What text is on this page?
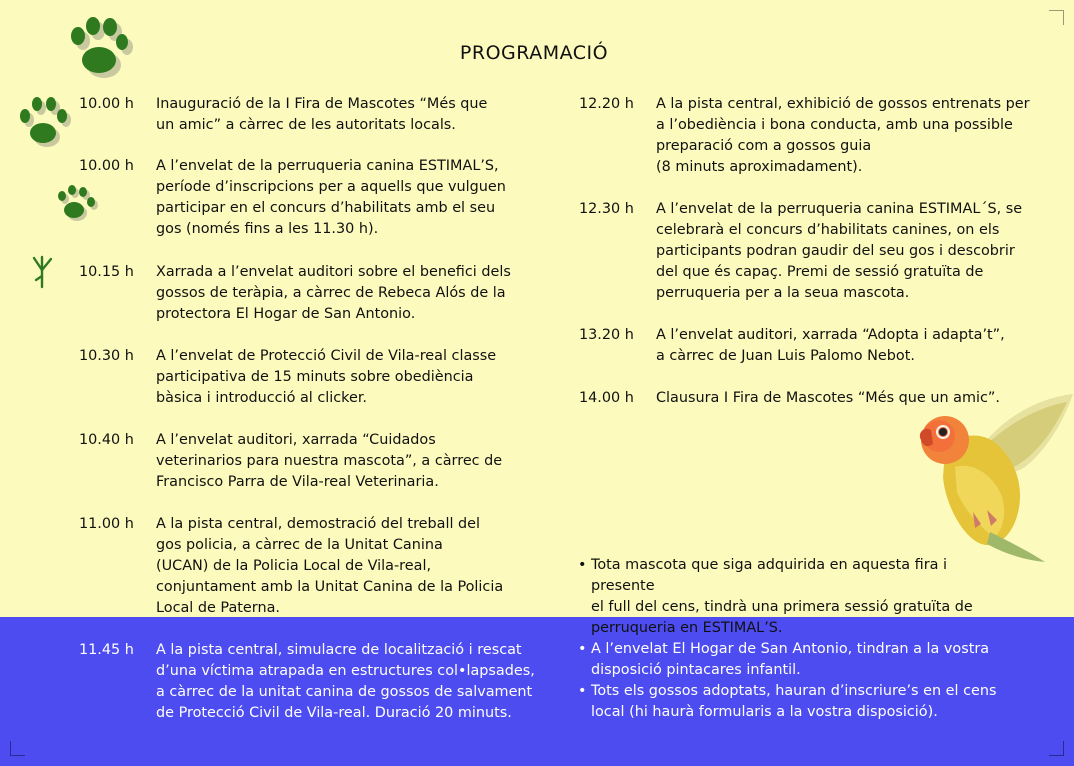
PROGRAMACIÓ
10.00 h Inauguració de la I Fira de Mascotes “Més que
un amic” a càrrec de les autoritats locals.
10.00 h A l’envelat de la perruqueria canina ESTIMAL’S,
període d’inscripcions per a aquells que vulguen
participar en el concurs d’habilitats amb el seu
gos (només fins a les 11.30 h).
10.15 h Xarrada a l’envelat auditori sobre el benefici dels
gossos de teràpia, a càrrec de Rebeca Alós de la
protectora El Hogar de San Antonio.
10.30 h A l’envelat de Protecció Civil de Vila-real classe
participativa de 15 minuts sobre obediència
bàsica i introducció al clicker.
10.40 h A l’envelat auditori, xarrada “Cuidados
veterinarios para nuestra mascota”, a càrrec de
Francisco Parra de Vila-real Veterinaria.
11.00 h A la pista central, demostració del treball del
gos policia, a càrrec de la Unitat Canina
(UCAN) de la Policia Local de Vila-real,
conjuntament amb la Unitat Canina de la Policia
Local de Paterna.
11.45 h A la pista central, simulacre de localització i rescat
d’una víctima atrapada en estructures col•lapsades,
a càrrec de la unitat canina de gossos de salvament
de Protecció Civil de Vila-real. Duració 20 minuts.
12.20 h A la pista central, exhibició de gossos entrenats per
a l’obediència i bona conducta, amb una possible
preparació com a gossos guia
(8 minuts aproximadament).
12.30 h A l’envelat de la perruqueria canina ESTIMAL´S, se
celebrarà el concurs d’habilitats canines, on els
participants podran gaudir del seu gos i descobrir
del que és capaç. Premi de sessió gratuïta de
perruqueria per a la seua mascota.
13.20 h A l’envelat auditori, xarrada “Adopta i adapta’t”,
a càrrec de Juan Luis Palomo Nebot.
14.00 h Clausura I Fira de Mascotes “Més que un amic”.
• Tota mascota que siga adquirida en aquesta fira i presente
el full del cens, tindrà una primera sessió gratuïta de
perruqueria en ESTIMAL’S.
• A l’envelat El Hogar de San Antonio, tindran a la vostra
disposició pintacares infantil.
• Tots els gossos adoptats, hauran d’inscriure’s en el cens
local (hi haurà formularis a la vostra disposició).
